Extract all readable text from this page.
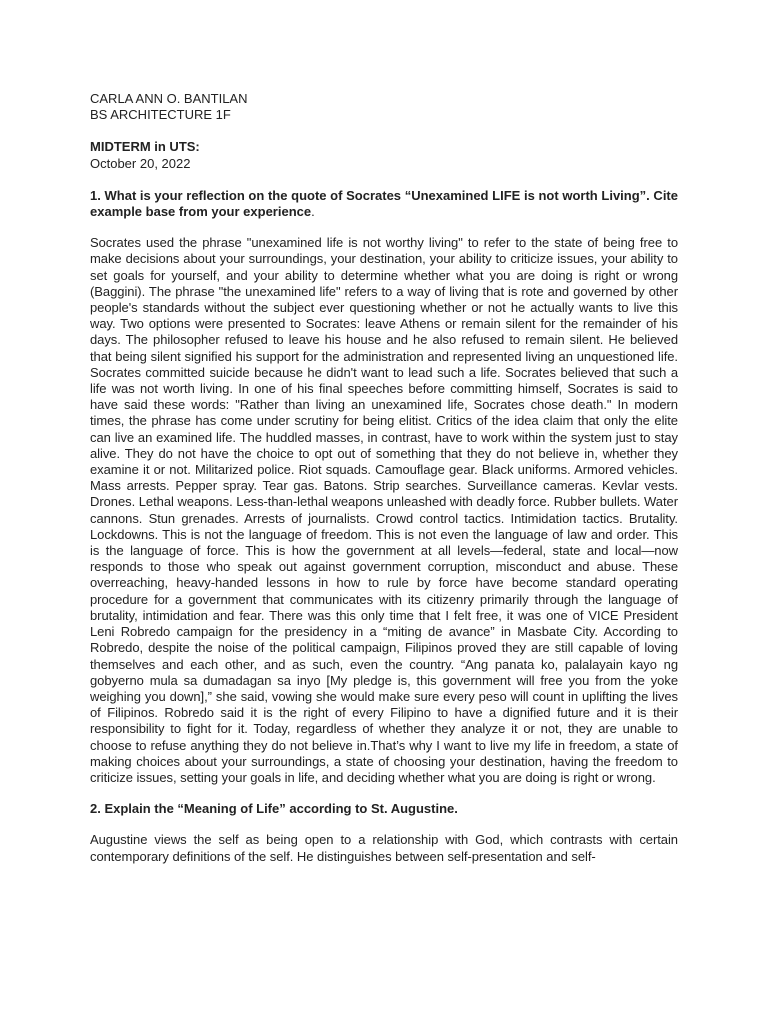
CARLA ANN O. BANTILAN
BS ARCHITECTURE 1F
MIDTERM in UTS:
October 20, 2022

1. What is your reflection on the quote of Socrates “Unexamined LIFE is not worth Living”. Cite example base from your experience.

Socrates used the phrase "unexamined life is not worthy living" to refer to the state of being free to make decisions about your surroundings, your destination, your ability to criticize issues, your ability to set goals for yourself, and your ability to determine whether what you are doing is right or wrong (Baggini). The phrase "the unexamined life" refers to a way of living that is rote and governed by other people's standards without the subject ever questioning whether or not he actually wants to live this way. Two options were presented to Socrates: leave Athens or remain silent for the remainder of his days. The philosopher refused to leave his house and he also refused to remain silent. He believed that being silent signified his support for the administration and represented living an unquestioned life. Socrates committed suicide because he didn't want to lead such a life. Socrates believed that such a life was not worth living. In one of his final speeches before committing himself, Socrates is said to have said these words: "Rather than living an unexamined life, Socrates chose death." In modern times, the phrase has come under scrutiny for being elitist. Critics of the idea claim that only the elite can live an examined life. The huddled masses, in contrast, have to work within the system just to stay alive. They do not have the choice to opt out of something that they do not believe in, whether they examine it or not. Militarized police. Riot squads. Camouflage gear. Black uniforms. Armored vehicles. Mass arrests. Pepper spray. Tear gas. Batons. Strip searches. Surveillance cameras. Kevlar vests. Drones. Lethal weapons. Less-than-lethal weapons unleashed with deadly force. Rubber bullets. Water cannons. Stun grenades. Arrests of journalists. Crowd control tactics. Intimidation tactics. Brutality. Lockdowns. This is not the language of freedom. This is not even the language of law and order. This is the language of force. This is how the government at all levels—federal, state and local—now responds to those who speak out against government corruption, misconduct and abuse. These overreaching, heavy-handed lessons in how to rule by force have become standard operating procedure for a government that communicates with its citizenry primarily through the language of brutality, intimidation and fear. There was this only time that I felt free, it was one of VICE President Leni Robredo campaign for the presidency in a “miting de avance” in Masbate City. According to Robredo, despite the noise of the political campaign, Filipinos proved they are still capable of loving themselves and each other, and as such, even the country. “Ang panata ko, palalayain kayo ng gobyerno mula sa dumadagan sa inyo [My pledge is, this government will free you from the yoke weighing you down],” she said, vowing she would make sure every peso will count in uplifting the lives of Filipinos. Robredo said it is the right of every Filipino to have a dignified future and it is their responsibility to fight for it. Today, regardless of whether they analyze it or not, they are unable to choose to refuse anything they do not believe in.That’s why I want to live my life in freedom, a state of making choices about your surroundings, a state of choosing your destination, having the freedom to criticize issues, setting your goals in life, and deciding whether what you are doing is right or wrong.

2. Explain the “Meaning of Life” according to St. Augustine.

Augustine views the self as being open to a relationship with God, which contrasts with certain contemporary definitions of the self. He distinguishes between self-presentation and self-
